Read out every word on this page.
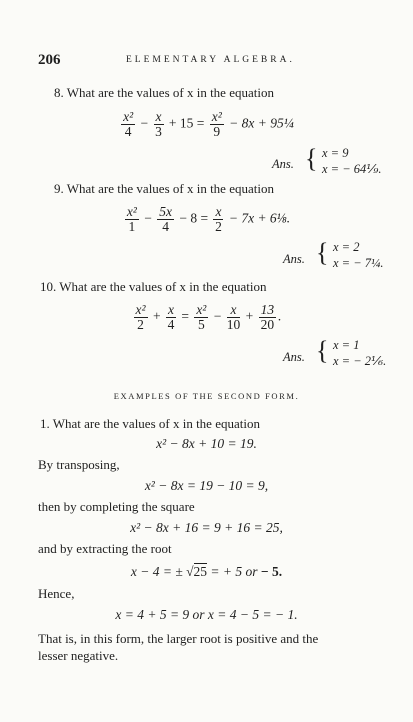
206	ELEMENTARY ALGEBRA.
8. What are the values of x in the equation
$\frac{\text{x²}}{4} - \frac{x}{3} + 15 = \frac{\text{x²}}{9} - 8x$ + 95¼
Ans. { x = 9
x = − 64⅑.
9. What are the values of x in the equation
$\frac{\text{x²}}{1} - \frac{5x}{4} - 8 = \frac{x}{2} - 7x$ + 6⅛.
Ans. { x = 2
x = − 7¼.
10. What are the values of x in the equation
$\frac{\text{x²}}{2} + \frac{x}{4} = \frac{\text{x²}}{5} - \frac{x}{10} + \frac{13}{20}$ .
Ans. { x = 1
x = − 2⅙.
EXAMPLES OF THE SECOND FORM.
1. What are the values of x in the equation
x² − 8x + 10 = 19.
By transposing,
x² − 8x = 19 − 10 = 9,
then by completing the square
x² − 8x + 16 = 9 + 16 = 25,
and by extracting the root
x − 4 = ± √25 = + 5 or − 5.
Hence,
x = 4 + 5 = 9 or x = 4 − 5 = − 1.
That is, in this form, the larger root is positive and the
lesser negative.
